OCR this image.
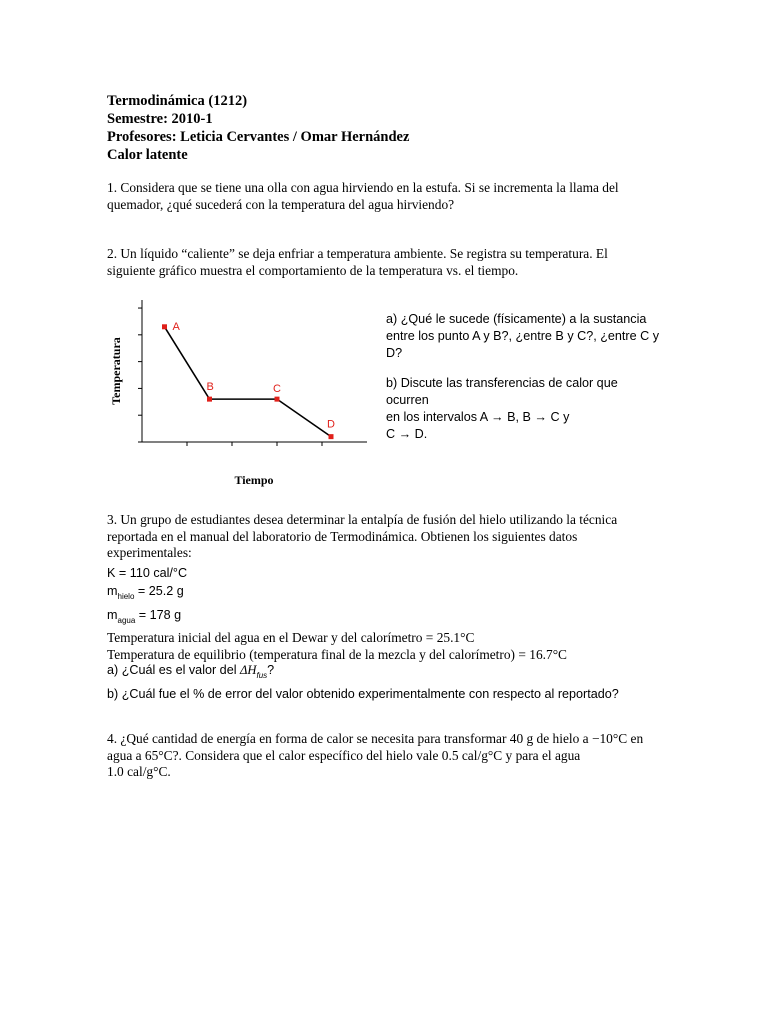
Termodinámica (1212)
Semestre: 2010-1
Profesores: Leticia Cervantes / Omar Hernández
Calor latente
1. Considera que se tiene una olla con agua hirviendo en la estufa. Si se incrementa la llama del
quemador, ¿qué sucederá con la temperatura del agua hirviendo?
2. Un líquido “caliente” se deja enfriar a temperatura ambiente. Se registra su temperatura. El
siguiente gráfico muestra el comportamiento de la temperatura vs. el tiempo.
A
B	C
D
Temperatura
Tiempo

a) ¿Qué le sucede (físicamente) a la sustancia
entre los punto A y B?, ¿entre B y C?, ¿entre C y
D?

b) Discute las transferencias de calor que ocurren
en los intervalos A → B, B → C y
C → D.

3. Un grupo de estudiantes desea determinar la entalpía de fusión del hielo utilizando la técnica
reportada en el manual del laboratorio de Termodinámica. Obtienen los siguientes datos
experimentales:
K = 110 cal/°C
$m_{hielo} = 25.2$ g
$m_{agua} = 178$ g
Temperatura inicial del agua en el Dewar y del calorímetro = 25.1°C
Temperatura de equilibrio (temperatura final de la mezcla y del calorímetro) = 16.7°C
a) ¿Cuál es el valor del $\Delta H_{fus}$?
b) ¿Cuál fue el % de error del valor obtenido experimentalmente con respecto al reportado?
4. ¿Qué cantidad de energía en forma de calor se necesita para transformar 40 g de hielo a −10°C en
agua a 65°C?. Considera que el calor específico del hielo vale 0.5 cal/g°C y para el agua
1.0 cal/g°C.
